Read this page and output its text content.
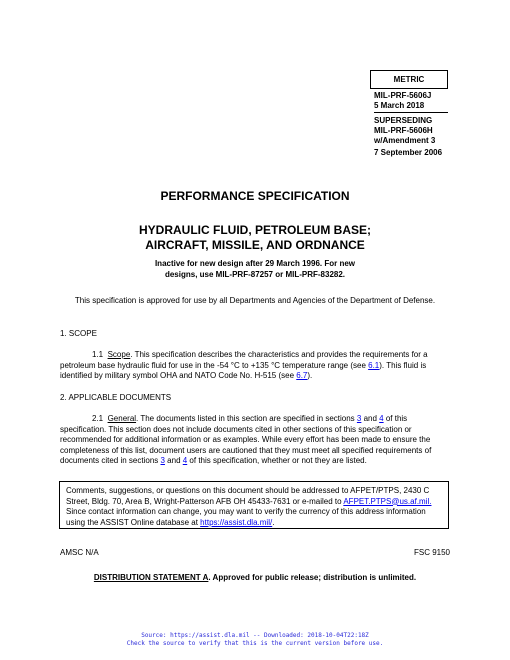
METRIC
MIL-PRF-5606J
5 March 2018
SUPERSEDING
MIL-PRF-5606H
w/Amendment 3
7 September 2006
PERFORMANCE SPECIFICATION
HYDRAULIC FLUID, PETROLEUM BASE;
AIRCRAFT, MISSILE, AND ORDNANCE
Inactive for new design after 29 March 1996. For new
designs, use MIL-PRF-87257 or MIL-PRF-83282.
This specification is approved for use by all Departments and Agencies of the Department of Defense.
1. SCOPE
1.1 Scope. This specification describes the characteristics and provides the requirements for a petroleum base hydraulic fluid for use in the -54 °C to +135 °C temperature range (see 6.1). This fluid is identified by military symbol OHA and NATO Code No. H-515 (see 6.7).
2. APPLICABLE DOCUMENTS
2.1 General. The documents listed in this section are specified in sections 3 and 4 of this specification. This section does not include documents cited in other sections of this specification or recommended for additional information or as examples. While every effort has been made to ensure the completeness of this list, document users are cautioned that they must meet all specified requirements of documents cited in sections 3 and 4 of this specification, whether or not they are listed.
Comments, suggestions, or questions on this document should be addressed to AFPET/PTPS, 2430 C Street, Bldg. 70, Area B, Wright-Patterson AFB OH 45433-7631 or e-mailed to AFPET.PTPS@us.af.mil. Since contact information can change, you may want to verify the currency of this address information using the ASSIST Online database at https://assist.dla.mil/.
AMSC N/A	FSC 9150
DISTRIBUTION STATEMENT A. Approved for public release; distribution is unlimited.
Source: https://assist.dla.mil -- Downloaded: 2018-10-04T22:18Z
Check the source to verify that this is the current version before use.
